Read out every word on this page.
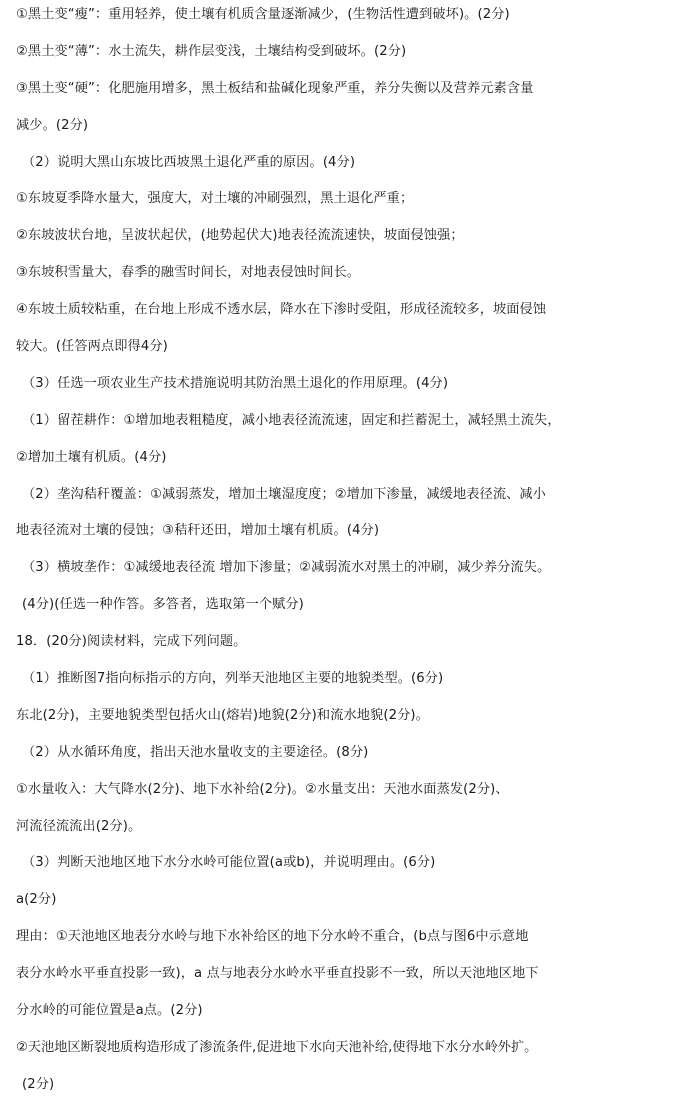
①黑土变“瘦”：重用轻养，使土壤有机质含量逐渐减少，(生物活性遭到破坏)。(2分)
②黑土变“薄”：水土流失，耕作层变浅，土壤结构受到破坏。(2分)
③黑土变“硬”：化肥施用增多，黑土板结和盐碱化现象严重，养分失衡以及营养元素含量
减少。(2分)
（2）说明大黑山东坡比西坡黑土退化严重的原因。(4分)
①东坡夏季降水量大，强度大，对土壤的冲刷强烈，黑土退化严重；
②东坡波状台地，呈波状起伏，(地势起伏大)地表径流流速快，坡面侵蚀强；
③东坡积雪量大，春季的融雪时间长，对地表侵蚀时间长。
④东坡土质较粘重，在台地上形成不透水层，降水在下渗时受阻，形成径流较多，坡面侵蚀
较大。(任答两点即得4分)
（3）任选一项农业生产技术措施说明其防治黑土退化的作用原理。(4分)
（1）留茬耕作：①增加地表粗糙度，减小地表径流流速，固定和拦蓄泥土，减轻黑土流失，
②增加土壤有机质。(4分)
（2）垄沟秸秆覆盖：①减弱蒸发，增加土壤湿度度；②增加下渗量，减缓地表径流、减小
地表径流对土壤的侵蚀；③秸秆还田，增加土壤有机质。(4分)
（3）横坡垄作：①减缓地表径流 增加下渗量；②减弱流水对黑土的冲刷，减少养分流失。
(4分)(任选一种作答。多答者，选取第一个赋分)
18．(20分)阅读材料，完成下列问题。
（1）推断图7指向标指示的方向，列举天池地区主要的地貌类型。(6分)
东北(2分)，主要地貌类型包括火山(熔岩)地貌(2分)和流水地貌(2分)。
（2）从水循环角度，指出天池水量收支的主要途径。(8分)
①水量收入：大气降水(2分)、地下水补给(2分)。②水量支出：天池水面蒸发(2分)、
河流径流流出(2分)。
（3）判断天池地区地下水分水岭可能位置(a或b)，并说明理由。(6分)
a(2分)
理由：①天池地区地表分水岭与地下水补给区的地下分水岭不重合，(b点与图6中示意地
表分水岭水平垂直投影一致)，a 点与地表分水岭水平垂直投影不一致，所以天池地区地下
分水岭的可能位置是a点。(2分)
②天池地区断裂地质构造形成了渗流条件,促进地下水向天池补给,使得地下水分水岭外扩。
(2分)
